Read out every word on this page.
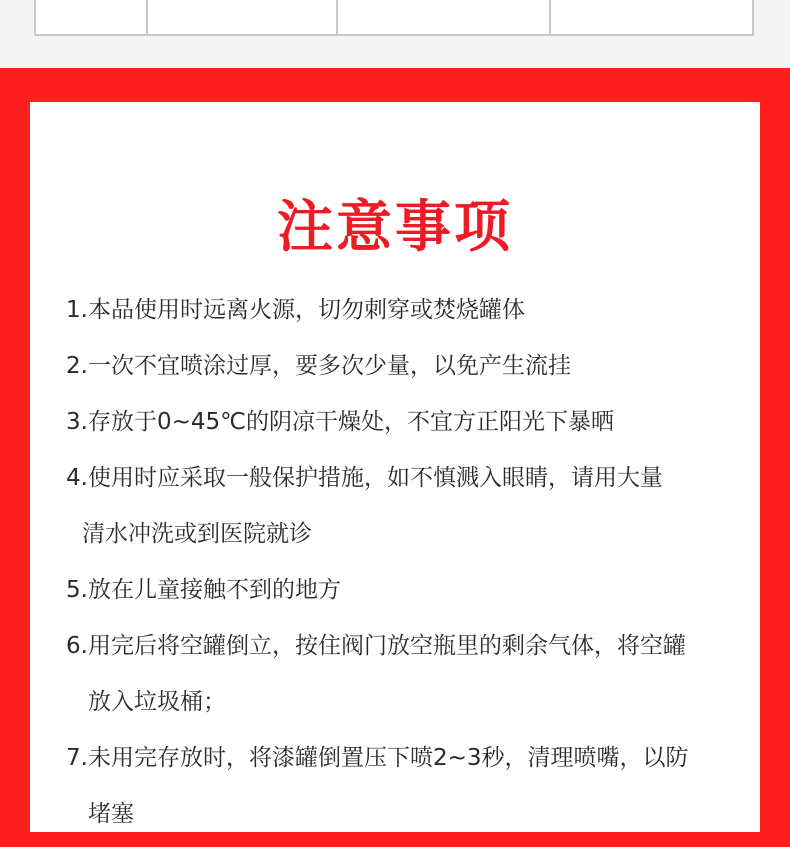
注意事项

1.本品使用时远离火源，切勿刺穿或焚烧罐体

2.一次不宜喷涂过厚，要多次少量，以免产生流挂

3.存放于0~45℃的阴凉干燥处，不宜方正阳光下暴晒

4.使用时应采取一般保护措施，如不慎溅入眼睛，请用大量

清水冲洗或到医院就诊

5.放在儿童接触不到的地方

6.用完后将空罐倒立，按住阀门放空瓶里的剩余气体，将空罐

放入垃圾桶；

7.未用完存放时，将漆罐倒置压下喷2~3秒，清理喷嘴，以防

堵塞
